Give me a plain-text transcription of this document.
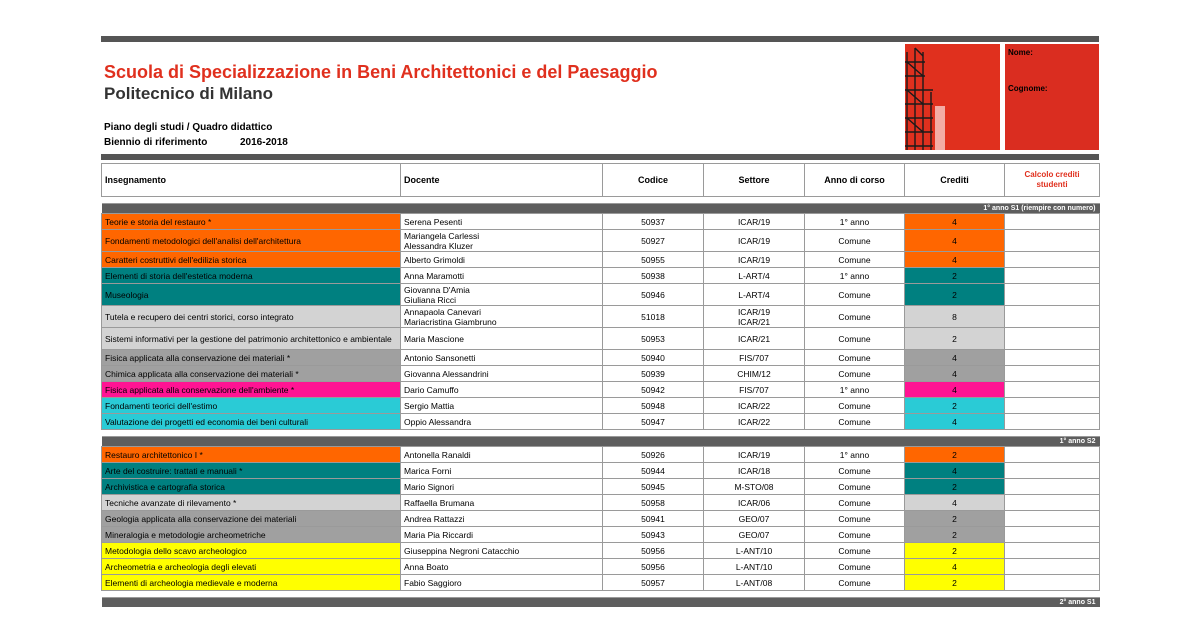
Scuola di Specializzazione in Beni Architettonici e del Paesaggio
Politecnico di Milano
Piano degli studi / Quadro didattico
Biennio di riferimento	2016-2018
Nome:
Cognome:
Insegnamento	Docente	Codice	Settore	Anno di corso	Crediti	Calcolo crediti studenti

1° anno S1 (riempire con numero)						
Teorie e storia del restauro *	Serena Pesenti	50937	ICAR/19	1° anno	4	
Fondamenti metodologici dell'analisi dell'architettura	Mariangela Carlessi
Alessandra Kluzer	50927	ICAR/19	Comune	4	
Caratteri costruttivi dell'edilizia storica	Alberto Grimoldi	50955	ICAR/19	Comune	4	
Elementi di storia dell'estetica moderna	Anna Maramotti	50938	L-ART/4	1° anno	2	
Museologia	Giovanna D'Amia
Giuliana Ricci	50946	L-ART/4	Comune	2	
Tutela e recupero dei centri storici, corso integrato	Annapaola Canevari
Mariacristina Giambruno	51018	ICAR/19
ICAR/21	Comune	8	
Sistemi informativi per la gestione del patrimonio architettonico e ambientale	Maria Mascione	50953	ICAR/21	Comune	2	
Fisica applicata alla conservazione dei materiali *	Antonio Sansonetti	50940	FIS/707	Comune	4	
Chimica applicata alla conservazione dei materiali *	Giovanna Alessandrini	50939	CHIM/12	Comune	4	
Fisica applicata alla conservazione dell'ambiente *	Dario Camuffo	50942	FIS/707	1° anno	4	
Fondamenti teorici dell'estimo	Sergio Mattia	50948	ICAR/22	Comune	2	
Valutazione dei progetti ed economia dei beni culturali	Oppio Alessandra	50947	ICAR/22	Comune	4	

1° anno S2						
Restauro architettonico I *	Antonella Ranaldi	50926	ICAR/19	1° anno	2	
Arte del costruire: trattati e manuali *	Marica Forni	50944	ICAR/18	Comune	4	
Archivistica e cartografia storica	Mario Signori	50945	M-STO/08	Comune	2	
Tecniche avanzate di rilevamento *	Raffaella Brumana	50958	ICAR/06	Comune	4	
Geologia applicata alla conservazione dei materiali	Andrea Rattazzi	50941	GEO/07	Comune	2	
Mineralogia e metodologie archeometriche	Maria Pia Riccardi	50943	GEO/07	Comune	2	
Metodologia dello scavo archeologico	Giuseppina Negroni Catacchio	50956	L-ANT/10	Comune	2	
Archeometria e archeologia degli elevati	Anna Boato	50956	L-ANT/10	Comune	4	
Elementi di archeologia medievale e moderna	Fabio Saggioro	50957	L-ANT/08	Comune	2	

2° anno S1						
